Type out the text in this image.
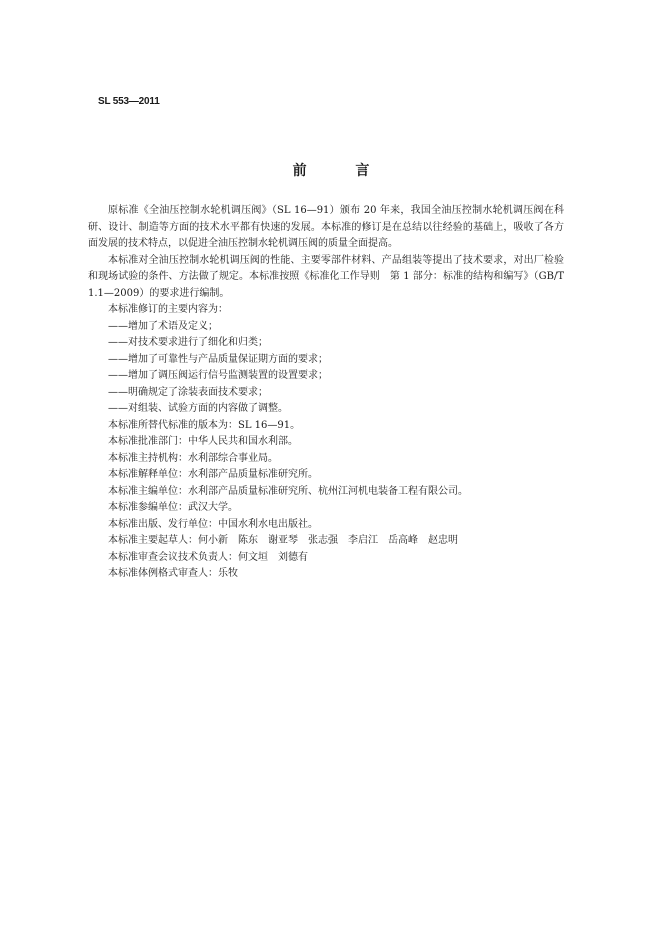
SL 553—2011
前 言

原标准《全油压控制水轮机调压阀》（SL 16—91）颁布 20 年来，我国全油压控制水轮机调压阀在科研、设计、制造等方面的技术水平都有快速的发展。本标准的修订是在总结以往经验的基础上，吸收了各方面发展的技术特点，以促进全油压控制水轮机调压阀的质量全面提高。

本标准对全油压控制水轮机调压阀的性能、主要零部件材料、产品组装等提出了技术要求，对出厂检验和现场试验的条件、方法做了规定。本标准按照《标准化工作导则　第 1 部分：标准的结构和编写》（GB/T 1.1—2009）的要求进行编制。

本标准修订的主要内容为：

——增加了术语及定义；

——对技术要求进行了细化和归类；

——增加了可靠性与产品质量保证期方面的要求；

——增加了调压阀运行信号监测装置的设置要求；

——明确规定了涂装表面技术要求；

——对组装、试验方面的内容做了调整。

本标准所替代标准的版本为：SL 16—91。

本标准批准部门：中华人民共和国水利部。

本标准主持机构：水利部综合事业局。

本标准解释单位：水利部产品质量标准研究所。

本标准主编单位：水利部产品质量标准研究所、杭州江河机电装备工程有限公司。

本标准参编单位：武汉大学。

本标准出版、发行单位：中国水利水电出版社。

本标准主要起草人：何小新　陈东　谢亚琴　张志强　李启江　岳高峰　赵忠明

本标准审查会议技术负责人：何文垣　刘德有

本标准体例格式审查人：乐牧
